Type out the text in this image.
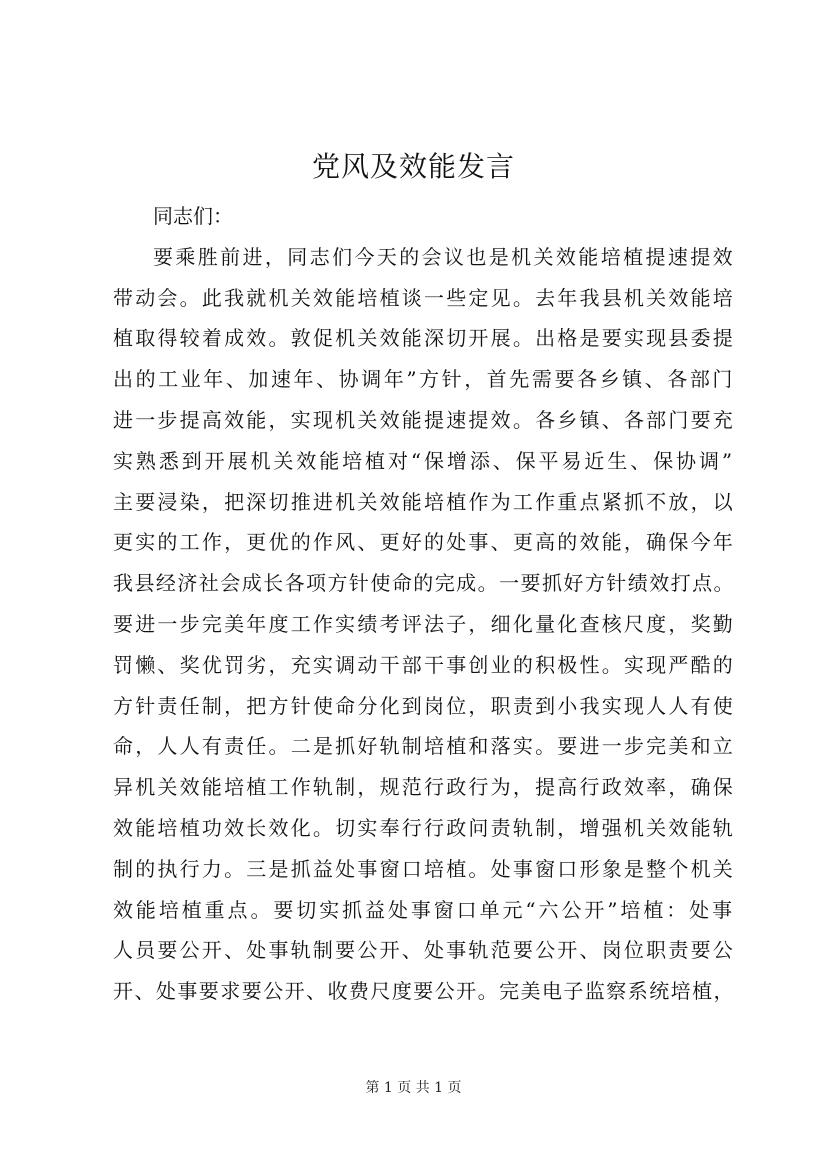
党风及效能发言
同志们：
要乘胜前进，同志们今天的会议也是机关效能培植提速提效
带动会。此我就机关效能培植谈一些定见。去年我县机关效能培
植取得较着成效。敦促机关效能深切开展。出格是要实现县委提
出的工业年、加速年、协调年”方针，首先需要各乡镇、各部门
进一步提高效能，实现机关效能提速提效。各乡镇、各部门要充
实熟悉到开展机关效能培植对“保增添、保平易近生、保协调”
主要浸染，把深切推进机关效能培植作为工作重点紧抓不放，以
更实的工作，更优的作风、更好的处事、更高的效能，确保今年
我县经济社会成长各项方针使命的完成。一要抓好方针绩效打点。
要进一步完美年度工作实绩考评法子，细化量化查核尺度，奖勤
罚懒、奖优罚劣，充实调动干部干事创业的积极性。实现严酷的
方针责任制，把方针使命分化到岗位，职责到小我实现人人有使
命，人人有责任。二是抓好轨制培植和落实。要进一步完美和立
异机关效能培植工作轨制，规范行政行为，提高行政效率，确保
效能培植功效长效化。切实奉行行政问责轨制，增强机关效能轨
制的执行力。三是抓益处事窗口培植。处事窗口形象是整个机关
效能培植重点。要切实抓益处事窗口单元“六公开”培植：处事
人员要公开、处事轨制要公开、处事轨范要公开、岗位职责要公
开、处事要求要公开、收费尺度要公开。完美电子监察系统培植，
第 1 页 共 1 页
